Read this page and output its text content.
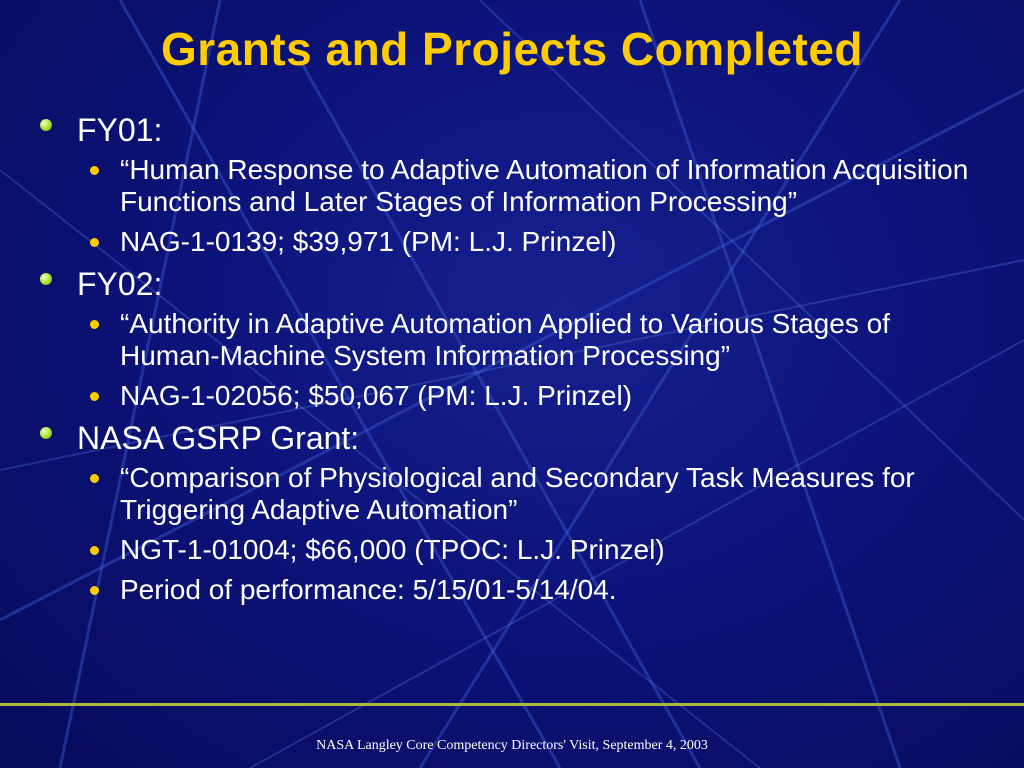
Grants and Projects Completed
FY01:
“Human Response to Adaptive Automation of Information Acquisition Functions and Later Stages of Information Processing”
NAG-1-0139; $39,971 (PM: L.J. Prinzel)
FY02:
“Authority in Adaptive Automation Applied to Various Stages of Human-Machine System Information Processing”
NAG-1-02056; $50,067 (PM: L.J. Prinzel)
NASA GSRP Grant:
“Comparison of Physiological and Secondary Task Measures for Triggering Adaptive Automation”
NGT-1-01004; $66,000 (TPOC: L.J. Prinzel)
Period of performance: 5/15/01-5/14/04.
NASA Langley Core Competency Directors' Visit, September 4, 2003
